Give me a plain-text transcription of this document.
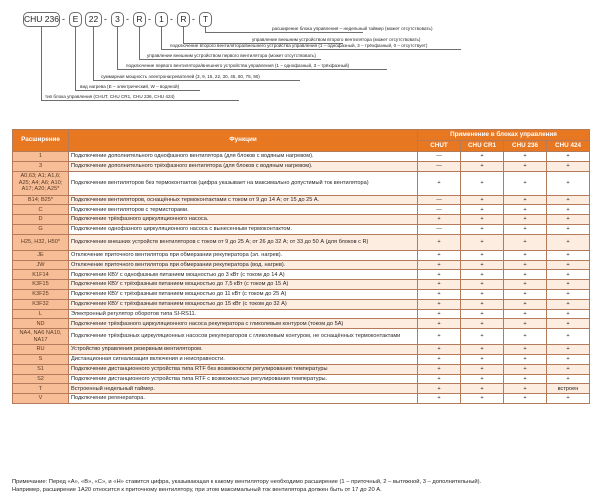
CHU 236 - E	22 - 3 - R - 1 - R - T
расширение блока управления – недельный таймер (может отсутствовать)
управление внешним устройством второго вентилятора (может отсутствовать)
подключение второго вентилятора/внешнего устройства управления (1 – однофазный, 3 – трёхфазный, 0 – отсутствует)
управление внешним устройством первого вентилятора (может отсутствовать)
подключение первого вентилятора/внешнего устройства управления (1 – однофазный, 3 – трёхфазный)
суммарная мощность электронагревателей (3, 9, 15, 22, 30, 45, 60, 75, 90)
вид нагрева (E – электрический, W – водяной)
тип блока управления (CHUT, CHU CR1, CHU 236, CHU 424)
Расширение	Функции	Применение в блоках управления			
		CHUT	CHU CR1	CHU 236	CHU 424
1	Подключение дополнительного однофазного вентилятора (для блоков с водяным нагревом).	—	+	+	+
3	Подключение дополнительного трёхфазного вентилятора (для блоков с водяным нагревом).	—	+	+	+
A0,63; A1; A1,6; A25; A4; A6; A10; A17; A20; A25*	Подключение вентиляторов без термоконтактов (цифра указывает на максимально допустимый ток вентилятора)	+	+	+	+
B14; B25*	Подключение вентиляторов, оснащённых термоконтактами с током от 9 до 14 А; от 15 до 25 А.	—	+	+	+
C	Подключение вентиляторов с термисторами.	—	+	+	+
D	Подключение трёхфазного циркуляционного насоса.	+	+	+	+
G	Подключение однофазного циркуляционного насоса с вынесенным термоконтактом.	—	+	+	+
H25, H32, H50*	Подключение внешних устройств вентиляторов с током от 9 до 25 А; от 26 до 32 А; от 33 до 50 А (для блоков с R)	+	+	+	+
JE	Отключение приточного вентилятора при обмерзании рекуператора (эл. нагрев).	+	+	+	+
JW	Отключение приточного вентилятора при обмерзании рекуператора (вод. нагрев).	+	+	+	+
K1F14	Подключение КВУ с однофазным питанием мощностью до 3 кВт (с током до 14 А)	+	+	+	+
K3F15	Подключение КВУ с трёхфазным питанием мощностью до 7,5 кВт (с током до 15 А)	+	+	+	+
K3F25	Подключение КВУ с трёхфазным питанием мощностью до 11 кВт (с током до 25 А)	+	+	+	+
K3F32	Подключение КВУ с трёхфазным питанием мощностью до 15 кВт (с током до 32 А)	+	+	+	+
L	Электронный регулятор оборотов типа SI-RS11.	+	+	+	+
ND	Подключение трёхфазного циркуляционного насоса рекуператора с гликолевым контуром (током до 5А)	+	+	+	+
NA4, NA6 NA10, NA17	Подключение трёхфазных циркуляционных насосов рекуператоров с гликолевым контуром, не оснащённых термоконтактами	+	+	+	+
RU	Устройство управления резервным вентилятором.	+	+	+	+
S	Дистанционная сигнализация включения и неисправности.	+	+	+	+
S1	Подключение дистанционного устройства типа RTF без возможности регулирования температуры	+	+	+	+
S2	Подключение дистанционного устройства типа RTF с возможностью регулирования температуры.	+	+	+	+
T	Встроенный недельный таймер.	+	+	+	встроен
V	Подключение регенератора.	+	+	+	+
Примечание: Перед «A», «B», «C», и «H» ставится цифра, указывающая к какому вентилятору необходимо расширение (1 – приточный, 2 – вытяжной, 3 – дополнительный).
Например, расширение 1A20 относится к приточному вентилятору, при этом максимальный ток вентилятора должен быть от 17 до 20 А.
